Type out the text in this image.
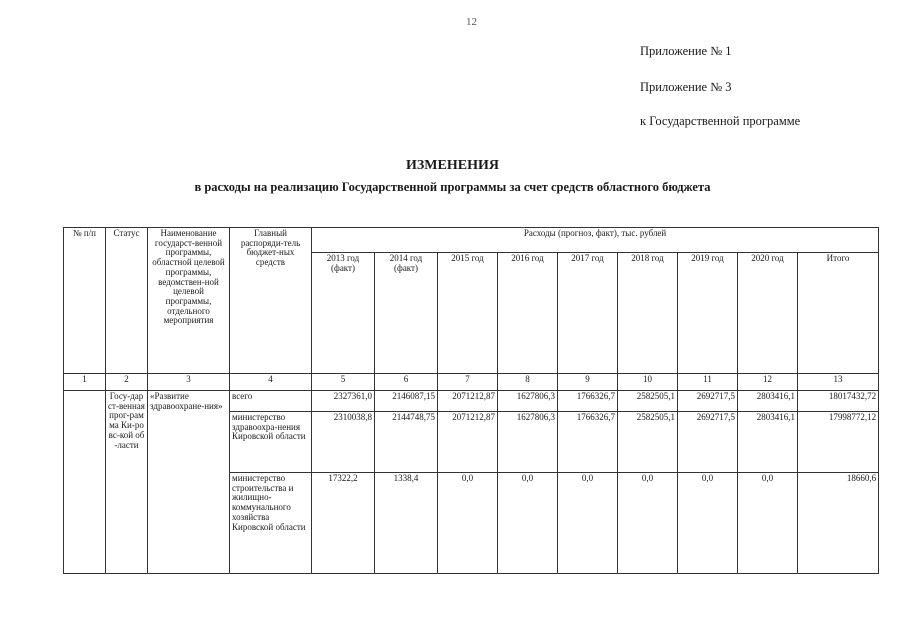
12
Приложение № 1
Приложение № 3
к Государственной программе
ИЗМЕНЕНИЯ
в расходы на реализацию Государственной программы за счет средств областного бюджета
№ п/п	Статус	Наименование государст-венной программы, областной целевой программы, ведомствен-ной целевой программы, отдельного мероприятия	Главный распоряди-тель бюджет-ных средств	Расходы (прогноз, факт), тыс. рублей								
				2013 год (факт)	2014 год (факт)	2015 год	2016 год	2017 год	2018 год	2019 год	2020 год	Итого
1	2	3	4	5	6	7	8	9	10	11	12	13
	Госу-дарст-венная прог-рамма Ки-ровс-кой об-ласти	«Развитие здравоохране-ния»	всего	2327361,0	2146087,15	2071212,87	1627806,3	1766326,7	2582505,1	2692717,5	2803416,1	18017432,72
			министерство здравоохра-нения Кировской области	2310038,8	2144748,75	2071212,87	1627806,3	1766326,7	2582505,1	2692717,5	2803416,1	17998772,12
			министерство строительства и жилищно-коммунального хозяйства Кировской области	17322,2	1338,4	0,0	0,0	0,0	0,0	0,0	0,0	18660,6
